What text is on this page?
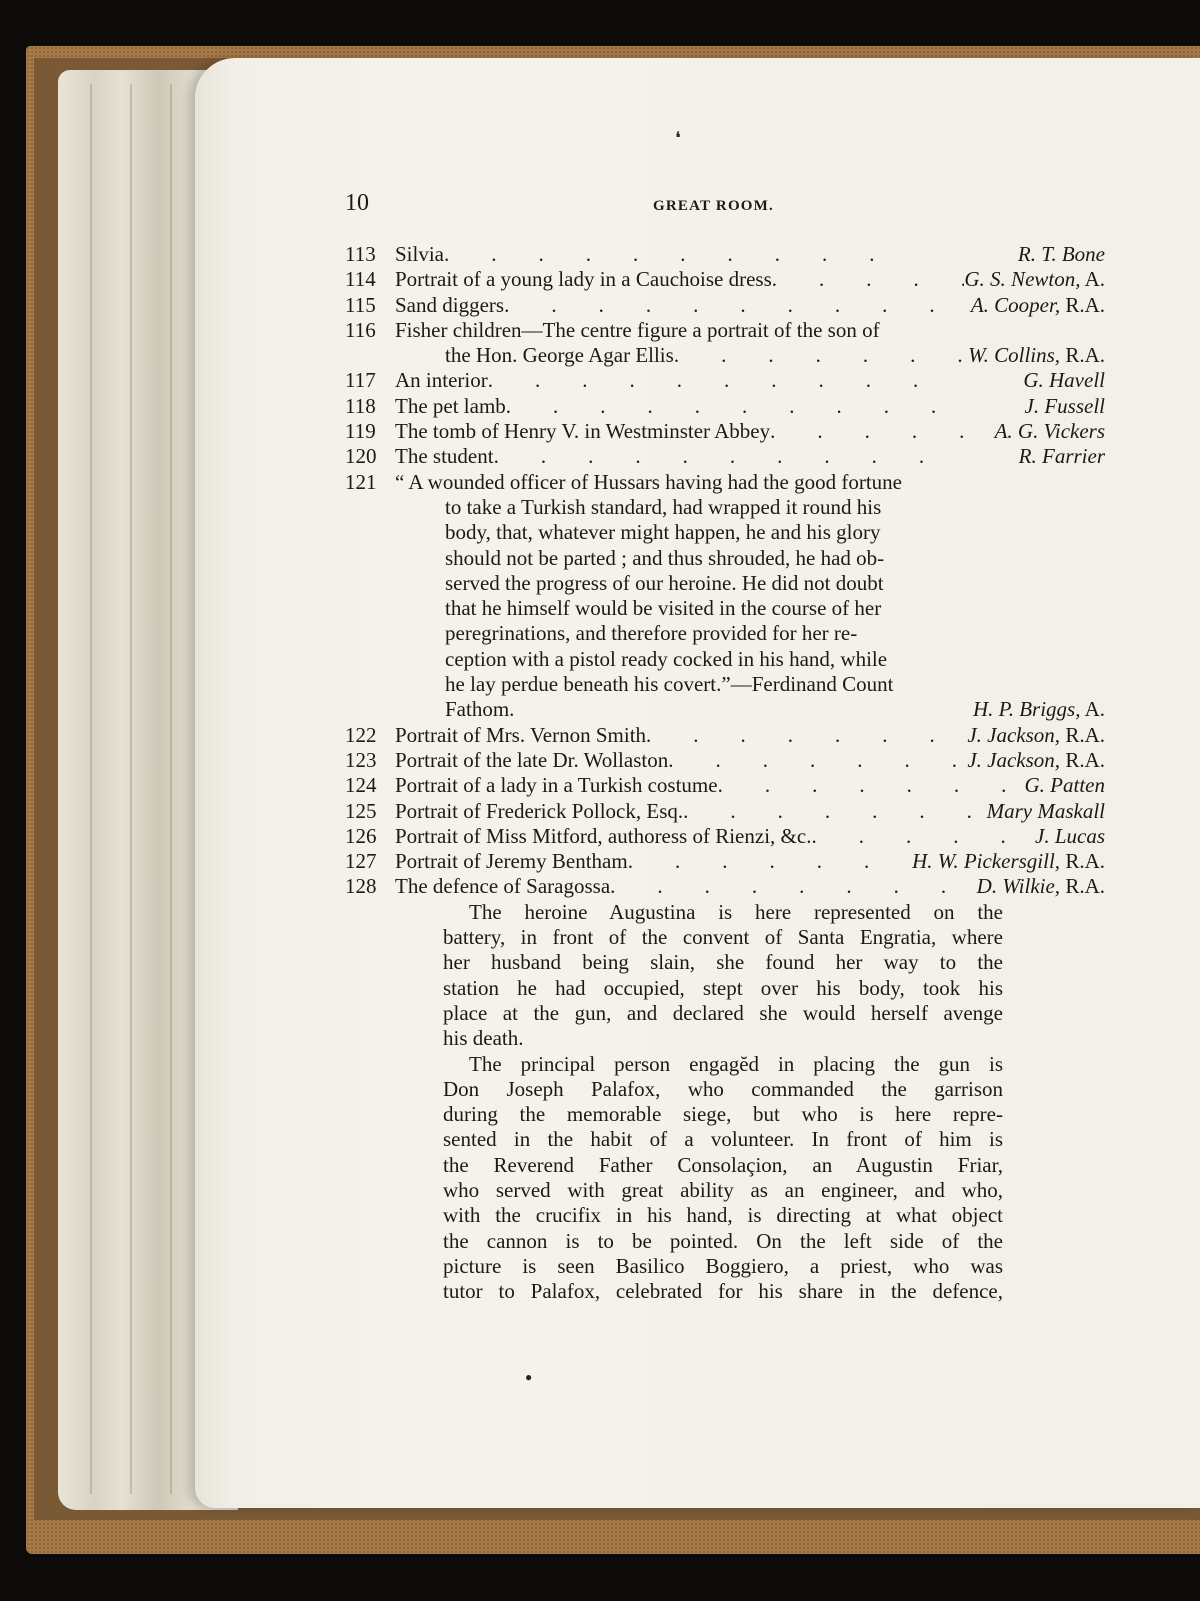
❛
●
10	GREAT ROOM.
113 Silvia .	R. T. Bone
114 Portrait of a young lady in a Cauchoise dress .	G. S. Newton, A.
115 Sand diggers .	A. Cooper, R.A.
116 Fisher children—The centre figure a portrait of the son of
the Hon. George Agar Ellis .	W. Collins, R.A.
117 An interior .	G. Havell
118 The pet lamb .	J. Fussell
119 The tomb of Henry V. in Westminster Abbey .	A. G. Vickers
120 The student .	R. Farrier
121 “ A wounded officer of Hussars having had the good fortune
to take a Turkish standard, had wrapped it round his
body, that, whatever might happen, he and his glory
should not be parted ; and thus shrouded, he had ob-
served the progress of our heroine. He did not doubt
that he himself would be visited in the course of her
peregrinations, and therefore provided for her re-
ception with a pistol ready cocked in his hand, while
he lay perdue beneath his covert.”—Ferdinand Count
Fathom.	H. P. Briggs, A.
122 Portrait of Mrs. Vernon Smith .	J. Jackson, R.A.
123 Portrait of the late Dr. Wollaston .	J. Jackson, R.A.
124 Portrait of a lady in a Turkish costume .	G. Patten
125 Portrait of Frederick Pollock, Esq. .	Mary Maskall
126 Portrait of Miss Mitford, authoress of Rienzi, &c. .	J. Lucas
127 Portrait of Jeremy Bentham .	H. W. Pickersgill, R.A.
128 The defence of Saragossa .	D. Wilkie, R.A.
The heroine Augustina is here represented on the
battery, in front of the convent of Santa Engratia, where
her husband being slain, she found her way to the
station he had occupied, stept over his body, took his
place at the gun, and declared she would herself avenge
his death.
The principal person engagĕd in placing the gun is
Don Joseph Palafox, who commanded the garrison
during the memorable siege, but who is here repre-
sented in the habit of a volunteer. In front of him is
the Reverend Father Consolaçion, an Augustin Friar,
who served with great ability as an engineer, and who,
with the crucifix in his hand, is directing at what object
the cannon is to be pointed. On the left side of the
picture is seen Basilico Boggiero, a priest, who was
tutor to Palafox, celebrated for his share in the defence,
